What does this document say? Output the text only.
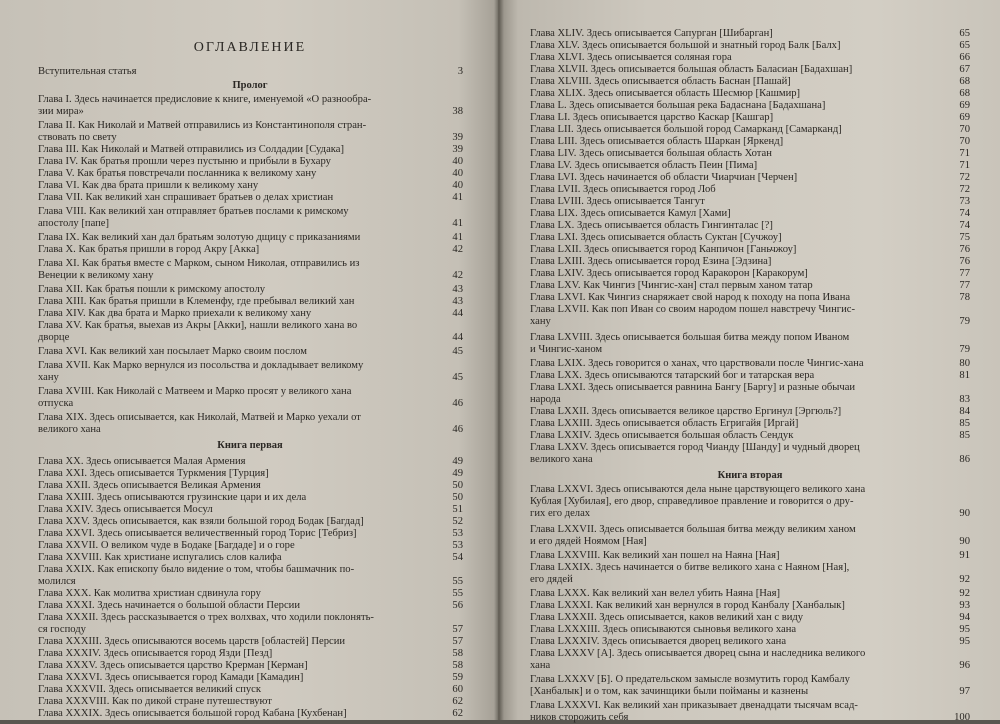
ОГЛАВЛЕНИЕ
Вступительная статья	3
Пролог
Глава I. Здесь начинается предисловие к книге, именуемой «О разнообра-
зии мира»	38
Глава II. Как Николай и Матвей отправились из Константинополя стран-
ствовать по свету	39
Глава III. Как Николай и Матвей отправились из Солдадии [Судака]	39
Глава IV. Как братья прошли через пустыню и прибыли в Бухару	40
Глава V. Как братья повстречали посланника к великому хану	40
Глава VI. Как два брата пришли к великому хану	40
Глава VII. Как великий хан спрашивает братьев о делах христиан	41
Глава VIII. Как великий хан отправляет братьев послами к римскому
апостолу [папе]	41
Глава IX. Как великий хан дал братьям золотую дщицу с приказаниями	41
Глава X. Как братья пришли в город Акру [Акка]	42
Глава XI. Как братья вместе с Марком, сыном Николая, отправились из
Венеции к великому хану	42
Глава XII. Как братья пошли к римскому апостолу	43
Глава XIII. Как братья пришли в Клеменфу, где пребывал великий хан	43
Глава XIV. Как два брата и Марко приехали к великому хану	44
Глава XV. Как братья, выехав из Акры [Акки], нашли великого хана во
дворце	44
Глава XVI. Как великий хан посылает Марко своим послом	45
Глава XVII. Как Марко вернулся из посольства и докладывает великому
хану	45
Глава XVIII. Как Николай с Матвеем и Марко просят у великого хана
отпуска	46
Глава XIX. Здесь описывается, как Николай, Матвей и Марко уехали от
великого хана	46
Книга первая
Глава XX. Здесь описывается Малая Армения	49
Глава XXI. Здесь описывается Туркмения [Турция]	49
Глава XXII. Здесь описывается Великая Армения	50
Глава XXIII. Здесь описываются грузинские цари и их дела	50
Глава XXIV. Здесь описывается Мосул	51
Глава XXV. Здесь описывается, как взяли большой город Бодак [Багдад]	52
Глава XXVI. Здесь описывается величественный город Торис [Тебриз]	53
Глава XXVII. О великом чуде в Бодаке [Багдаде] и о горе	53
Глава XXVIII. Как христиане испугались слов калифа	54
Глава XXIX. Как епископу было видение о том, чтобы башмачник по-
молился	55
Глава XXX. Как молитва христиан сдвинула гору	55
Глава XXXI. Здесь начинается о большой области Персии	56
Глава XXXII. Здесь рассказывается о трех волхвах, что ходили поклонять-
ся господу	57
Глава XXXIII. Здесь описываются восемь царств [областей] Персии	57
Глава XXXIV. Здесь описывается город Язди [Пезд]	58
Глава XXXV. Здесь описывается царство Крерман [Керман]	58
Глава XXXVI. Здесь описывается город Камади [Камадин]	59
Глава XXXVII. Здесь описывается великий спуск	60
Глава XXXVIII. Как по дикой стране путешествуют	62
Глава XXXIX. Здесь описывается большой город Кабана [Кухбенан]	62
Глава XLIV. Здесь описывается Сапурган [Шибарган]	65
Глава XLV. Здесь описывается большой и знатный город Балк [Балх]	65
Глава XLVI. Здесь описывается соляная гора	66
Глава XLVII. Здесь описывается большая область Баласиан [Бадахшан]	67
Глава XLVIII. Здесь описывается область Баснан [Пашай]	68
Глава XLIX. Здесь описывается область Шесмюр [Кашмир]	68
Глава L. Здесь описывается большая река Бадаснана [Бадахшана]	69
Глава LI. Здесь описывается царство Каскар [Кашгар]	69
Глава LII. Здесь описывается большой город Самарканд [Самарканд]	70
Глава LIII. Здесь описывается область Шаркан [Яркенд]	70
Глава LIV. Здесь описывается большая область Хотан	71
Глава LV. Здесь описывается область Пеин [Пима]	71
Глава LVI. Здесь начинается об области Чиарчиан [Черчен]	72
Глава LVII. Здесь описывается город Лоб	72
Глава LVIII. Здесь описывается Тангут	73
Глава LIX. Здесь описывается Камул [Хами]	74
Глава LX. Здесь описывается область Гингинталас [?]	74
Глава LXI. Здесь описывается область Суктан [Сучжоу]	75
Глава LXII. Здесь описывается город Канпичон [Ганьчжоу]	76
Глава LXIII. Здесь описывается город Езина [Эдзина]	76
Глава LXIV. Здесь описывается город Каракорон [Каракорум]	77
Глава LXV. Как Чингиз [Чингис-хан] стал первым ханом татар	77
Глава LXVI. Как Чингиз снаряжает свой народ к походу на попа Ивана	78
Глава LXVII. Как поп Иван со своим народом пошел навстречу Чингис-
хану	79
Глава LXVIII. Здесь описывается большая битва между попом Иваном
и Чингис-ханом	79
Глава LXIX. Здесь говорится о ханах, что царствовали после Чингис-хана	80
Глава LXX. Здесь описываются татарский бог и татарская вера	81
Глава LXXI. Здесь описывается равнина Бангу [Баргу] и разные обычаи
народа	83
Глава LXXII. Здесь описывается великое царство Ергинул [Эргюль?]	84
Глава LXXIII. Здесь описывается область Егригайя [Иргай]	85
Глава LXXIV. Здесь описывается большая область Сендук	85
Глава LXXV. Здесь описывается город Чианду [Шанду] и чудный дворец
великого хана	86
Книга вторая
Глава LXXVI. Здесь описываются дела ныне царствующего великого хана
Кублая [Хубилая], его двор, справедливое правление и говорится о дру-
гих его делах	90
Глава LXXVII. Здесь описывается большая битва между великим ханом
и его дядей Ноямом [Ная]	90
Глава LXXVIII. Как великий хан пошел на Наяна [Ная]	91
Глава LXXIX. Здесь начинается о битве великого хана с Наяном [Ная],
его дядей	92
Глава LXXX. Как великий хан велел убить Наяна [Ная]	92
Глава LXXXI. Как великий хан вернулся в город Канбалу [Ханбалык]	93
Глава LXXXII. Здесь описывается, каков великий хан с виду	94
Глава LXXXIII. Здесь описываются сыновья великого хана	95
Глава LXXXIV. Здесь описывается дворец великого хана	95
Глава LXXXV [А]. Здесь описывается дворец сына и наследника великого
хана	96
Глава LXXXV [Б]. О предательском замысле возмутить город Камбалу
[Ханбалык] и о том, как зачинщики были пойманы и казнены	97
Глава LXXXVI. Как великий хан приказывает двенадцати тысячам всад-
ников сторожить себя	100
